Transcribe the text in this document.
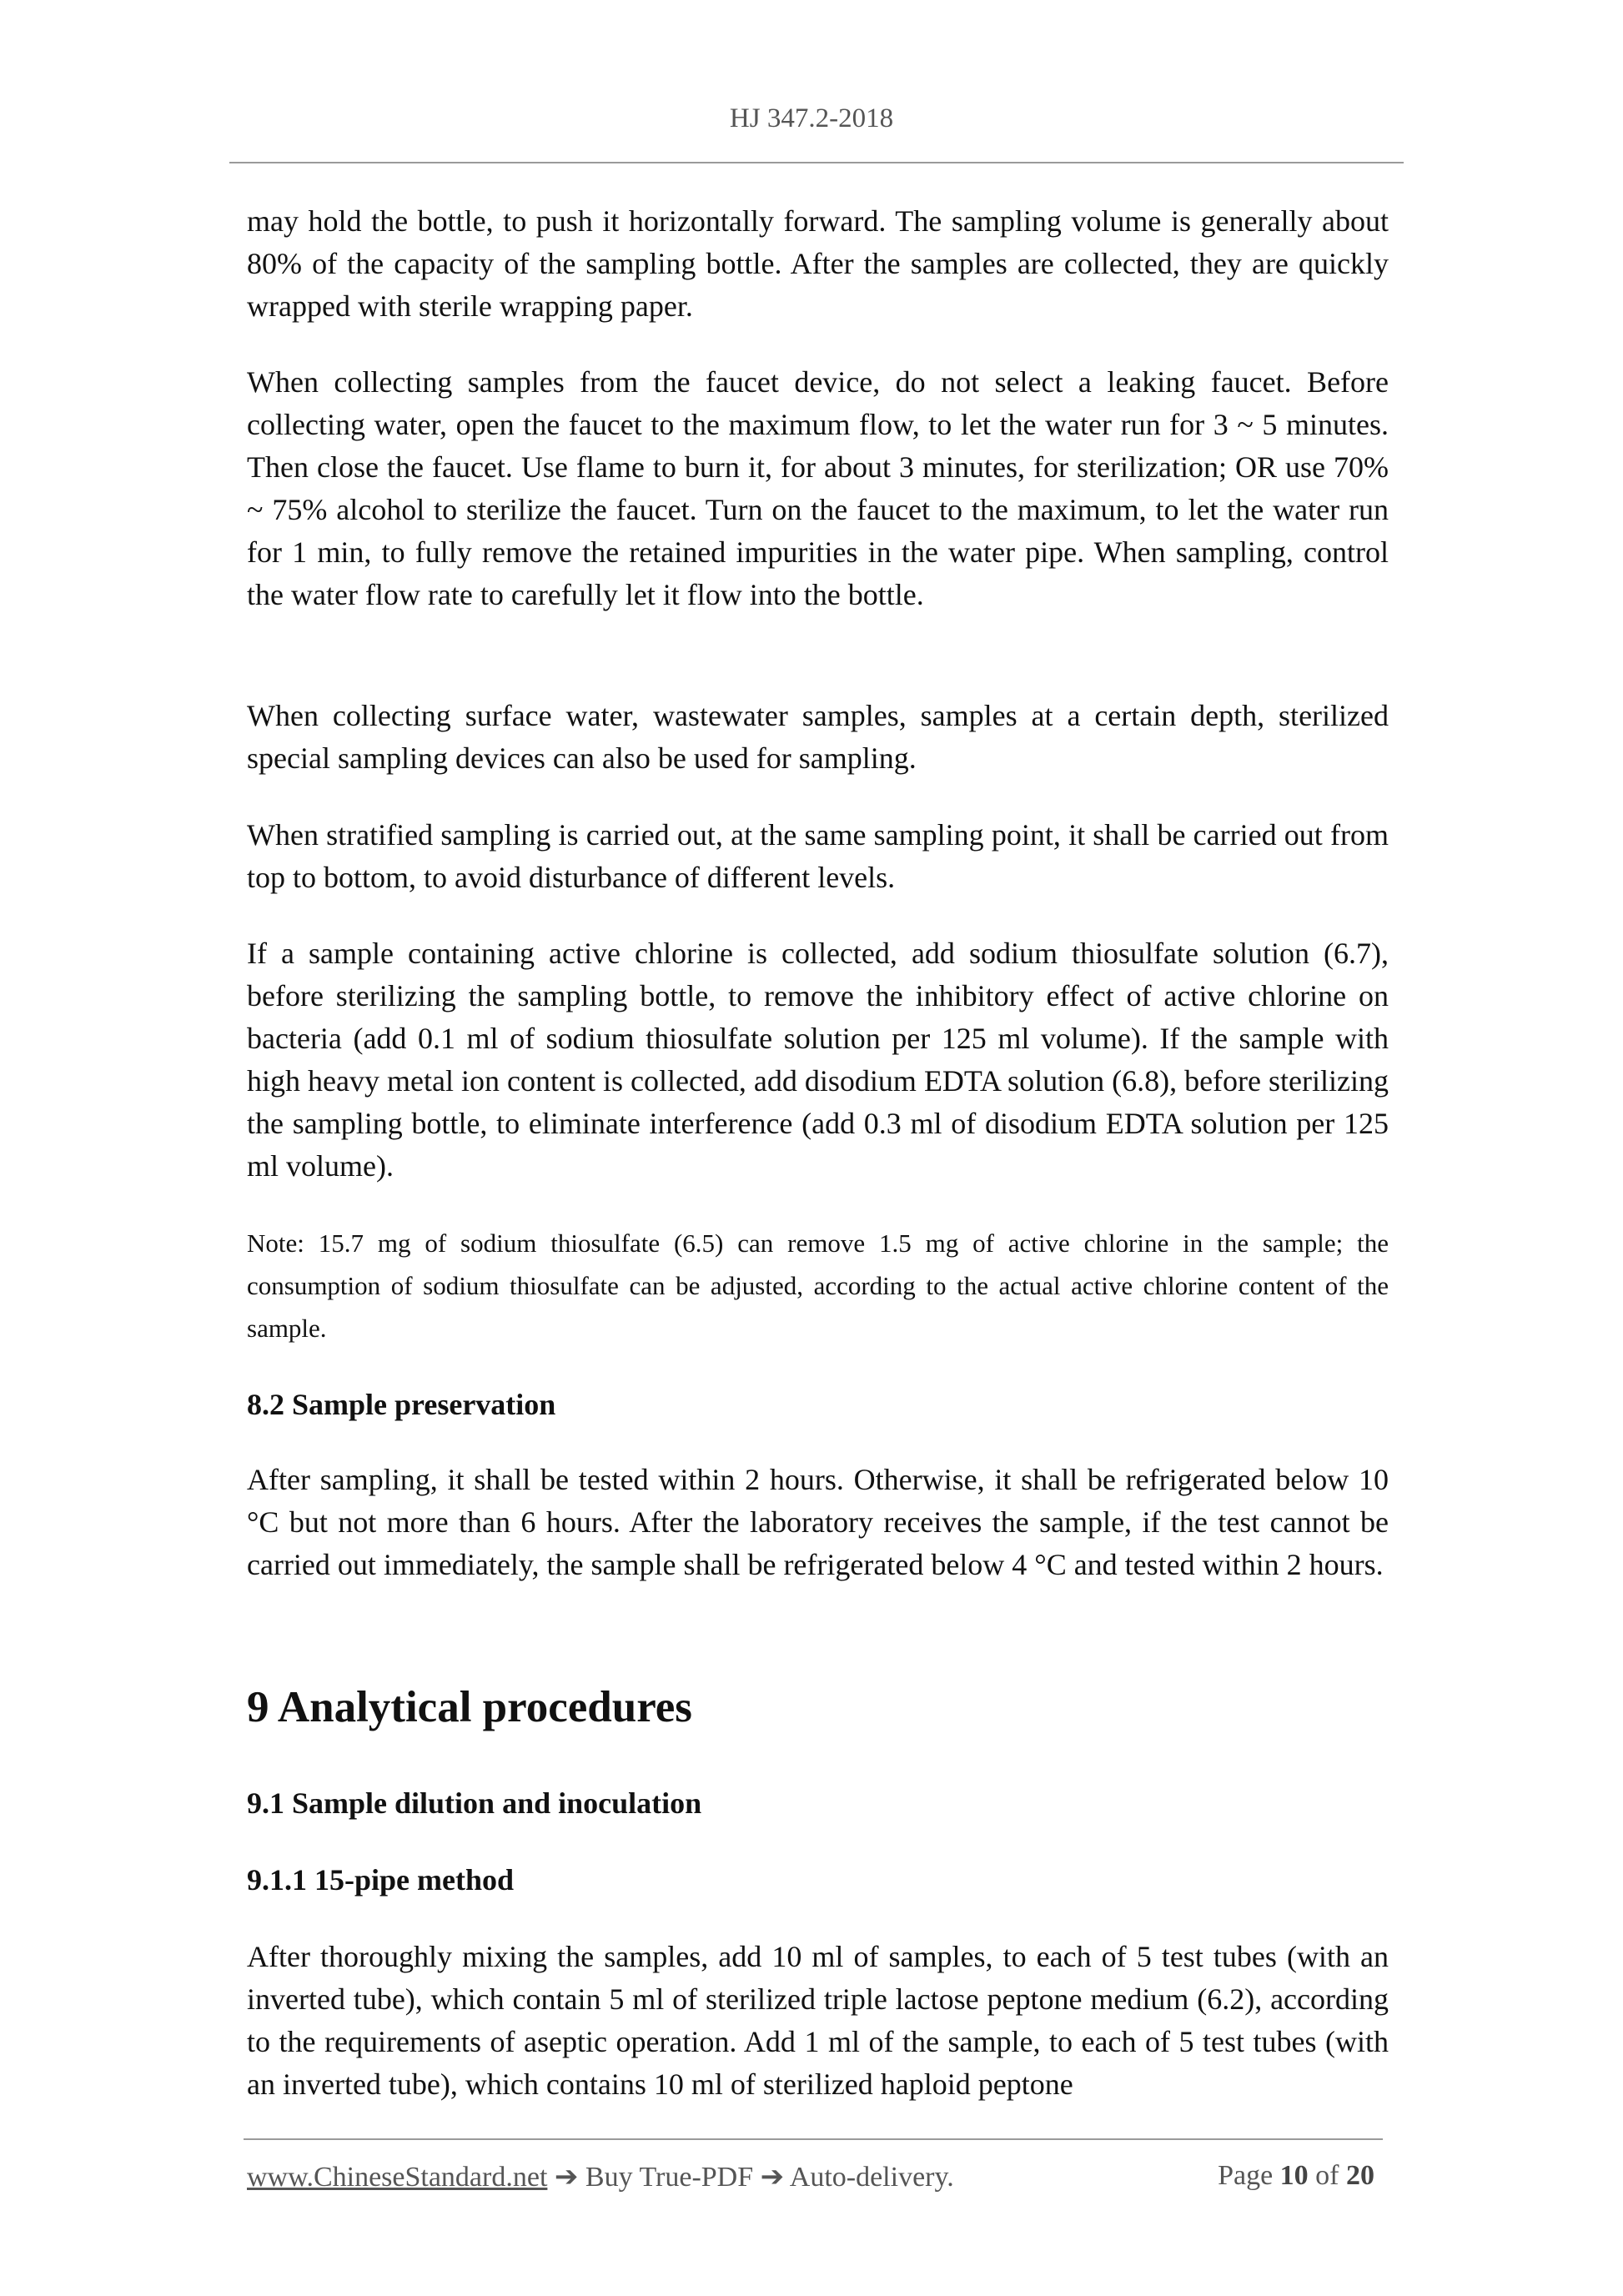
HJ 347.2-2018

may hold the bottle, to push it horizontally forward. The sampling volume is generally about 80% of the capacity of the sampling bottle. After the samples are collected, they are quickly wrapped with sterile wrapping paper.

When collecting samples from the faucet device, do not select a leaking faucet. Before collecting water, open the faucet to the maximum flow, to let the water run for 3 ~ 5 minutes. Then close the faucet. Use flame to burn it, for about 3 minutes, for sterilization; OR use 70% ~ 75% alcohol to sterilize the faucet. Turn on the faucet to the maximum, to let the water run for 1 min, to fully remove the retained impurities in the water pipe. When sampling, control the water flow rate to carefully let it flow into the bottle.

When collecting surface water, wastewater samples, samples at a certain depth, sterilized special sampling devices can also be used for sampling.

When stratified sampling is carried out, at the same sampling point, it shall be carried out from top to bottom, to avoid disturbance of different levels.

If a sample containing active chlorine is collected, add sodium thiosulfate solution (6.7), before sterilizing the sampling bottle, to remove the inhibitory effect of active chlorine on bacteria (add 0.1 ml of sodium thiosulfate solution per 125 ml volume). If the sample with high heavy metal ion content is collected, add disodium EDTA solution (6.8), before sterilizing the sampling bottle, to eliminate interference (add 0.3 ml of disodium EDTA solution per 125 ml volume).

Note: 15.7 mg of sodium thiosulfate (6.5) can remove 1.5 mg of active chlorine in the sample; the consumption of sodium thiosulfate can be adjusted, according to the actual active chlorine content of the sample.

8.2 Sample preservation

After sampling, it shall be tested within 2 hours. Otherwise, it shall be refrigerated below 10 °C but not more than 6 hours. After the laboratory receives the sample, if the test cannot be carried out immediately, the sample shall be refrigerated below 4 °C and tested within 2 hours.

9 Analytical procedures
9.1 Sample dilution and inoculation
9.1.1 15-pipe method

After thoroughly mixing the samples, add 10 ml of samples, to each of 5 test tubes (with an inverted tube), which contain 5 ml of sterilized triple lactose peptone medium (6.2), according to the requirements of aseptic operation. Add 1 ml of the sample, to each of 5 test tubes (with an inverted tube), which contains 10 ml of sterilized haploid peptone

www.ChineseStandard.net ➔ Buy True-PDF ➔ Auto-delivery.	Page 10 of 20
